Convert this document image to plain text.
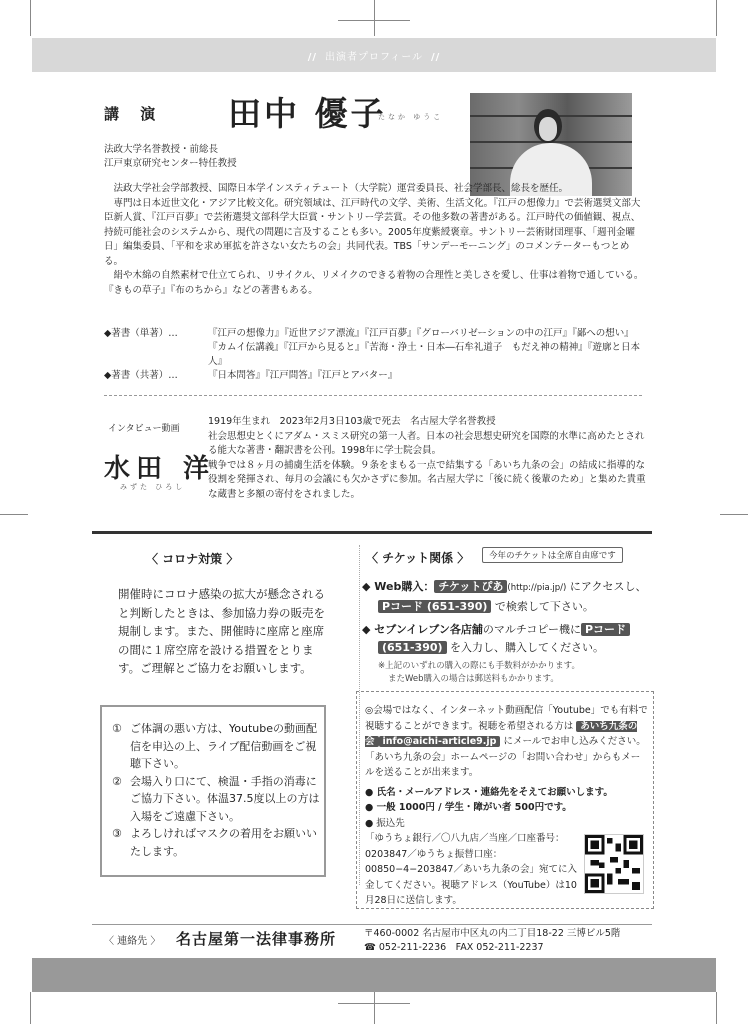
// 出演者プロフィール //
講 演 田中 優子
たなか ゆうこ
法政大学名誉教授・前総長
江戸東京研究センター特任教授

法政大学社会学部教授、国際日本学インスティテュート（大学院）運営委員長、社会学部長、総長を歴任。

専門は日本近世文化・アジア比較文化。研究領域は、江戸時代の文学、美術、生活文化。『江戸の想像力』で芸術選奨文部大臣新人賞、『江戸百夢』で芸術選奨文部科学大臣賞・サントリー学芸賞。その他多数の著書がある。江戸時代の価値観、視点、持続可能社会のシステムから、現代の問題に言及することも多い。2005年度紫綬褒章。サントリー芸術財団理事、「週刊金曜日」編集委員、「平和を求め軍拡を許さない女たちの会」共同代表。TBS「サンデーモーニング」のコメンテーターもつとめる。

絹や木綿の自然素材で仕立てられ、リサイクル、リメイクのできる着物の合理性と美しさを愛し、仕事は着物で通している。『きもの草子』『布のちから』などの著書もある。

◆著書（単著）…	『江戸の想像力』『近世アジア漂流』『江戸百夢』『グローバリゼーションの中の江戸』『鄙への想い』
『カムイ伝講義』『江戸から見ると』『苦海・浄土・日本―石牟礼道子　もだえ神の精神』『遊廓と日本人』
◆著書（共著）…	『日本問答』『江戸問答』『江戸とアバター』
インタビュー動画
水田 洋
みずた ひろし
1919年生まれ　2023年2月3日103歳で死去　名古屋大学名誉教授
社会思想史とくにアダム・スミス研究の第一人者。日本の社会思想史研究を国際的水準に高めたとされる能大な著書・翻訳書を公刊。1998年に学士院会員。
戦争では８ヶ月の捕虜生活を体験。９条をまもる一点で結集する「あいち九条の会」の結成に指導的な役割を発揮され、毎月の会議にも欠かさずに参加。名古屋大学に「後に続く後輩のため」と集めた貴重な蔵書と多額の寄付をされました。
〈 コロナ対策 〉
開催時にコロナ感染の拡大が懸念されると判断したときは、参加協力券の販売を規制します。また、開催時に座席と座席の間に１席空席を設ける措置をとります。ご理解とご協力をお願いします。
① ご体調の悪い方は、Youtubeの動画配信を申込の上、ライブ配信動画をご視聴下さい。
② 会場入り口にて、検温・手指の消毒にご協力下さい。体温37.5度以上の方は入場をご遠慮下さい。
③ よろしければマスクの着用をお願いいたします。
〈 チケット関係 〉	今年のチケットは全席自由席です
◆ Web購入： チケットぴあ (http://pia.jp/) にアクセスし、
Pコード (651-390) で検索して下さい。
◆ セブンイレブン各店舗のマルチコピー機に Pコード
(651-390) を入力し、購入してください。
※上記のいずれの購入の際にも手数料がかかります。
またWeb購入の場合は郵送料もかかります。
◎会場ではなく、インターネット動画配信「Youtube」でも有料で視聴することができます。視聴を希望される方は あいち九条の会 info@aichi-article9.jp にメールでお申し込みください。「あいち九条の会」ホームページの「お問い合わせ」からもメールを送ることが出来ます。
● 氏名・メールアドレス・連絡先をそえてお願いします。
● 一般 1000円 / 学生・障がい者 500円です。
● 振込先
「ゆうちょ銀行／〇八九店／当座／口座番号：0203847／ゆうちょ振替口座：00850−4−203847／あいち九条の会」宛てに入金してください。視聴アドレス（YouTube）は10月28日に送信します。
〈 連絡先 〉 名古屋第一法律事務所	〒460-0002 名古屋市中区丸の内二丁目18-22 三博ビル5階
☎ 052-211-2236　FAX 052-211-2237
